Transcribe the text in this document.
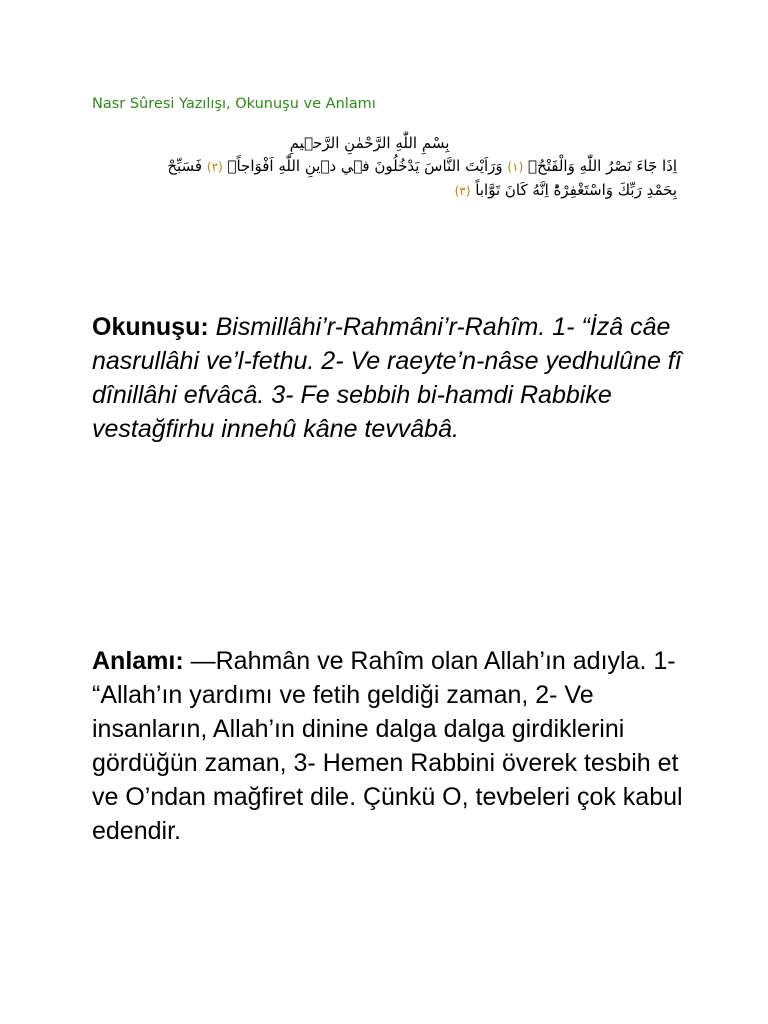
Nasr Sûresi Yazılışı, Okunuşu ve Anlamı
بِسْمِ اللّٰهِ الرَّحْمٰنِ الرَّح۪يمِ
اِذَا جَٓاءَ نَصْرُ اللّٰهِ وَالْفَتْحُۙ (١) وَرَاَيْتَ النَّاسَ يَدْخُلُونَ ف۪ي د۪ينِ اللّٰهِ اَفْوَاجاًۙ (٢) فَسَبِّحْ
بِحَمْدِ رَبِّكَ وَاسْتَغْفِرْهُؕ اِنَّهُ كَانَ تَوَّاباً (٣)
Okunuşu: Bismillâhi’r-Rahmâni’r-Rahîm. 1- “İzâ câe nasrullâhi ve’l-fethu. 2- Ve raeyte’n-nâse yedhulûne fî dînillâhi efvâcâ. 3- Fe sebbih bi-hamdi Rabbike vestağfirhu innehû kâne tevvâbâ.
Anlamı: —Rahmân ve Rahîm olan Allah’ın adıyla. 1- “Allah’ın yardımı ve fetih geldiği zaman, 2- Ve insanların, Allah’ın dinine dalga dalga girdiklerini gördüğün zaman, 3- Hemen Rabbini överek tesbih et ve O’ndan mağfiret dile. Çünkü O, tevbeleri çok kabul edendir.
